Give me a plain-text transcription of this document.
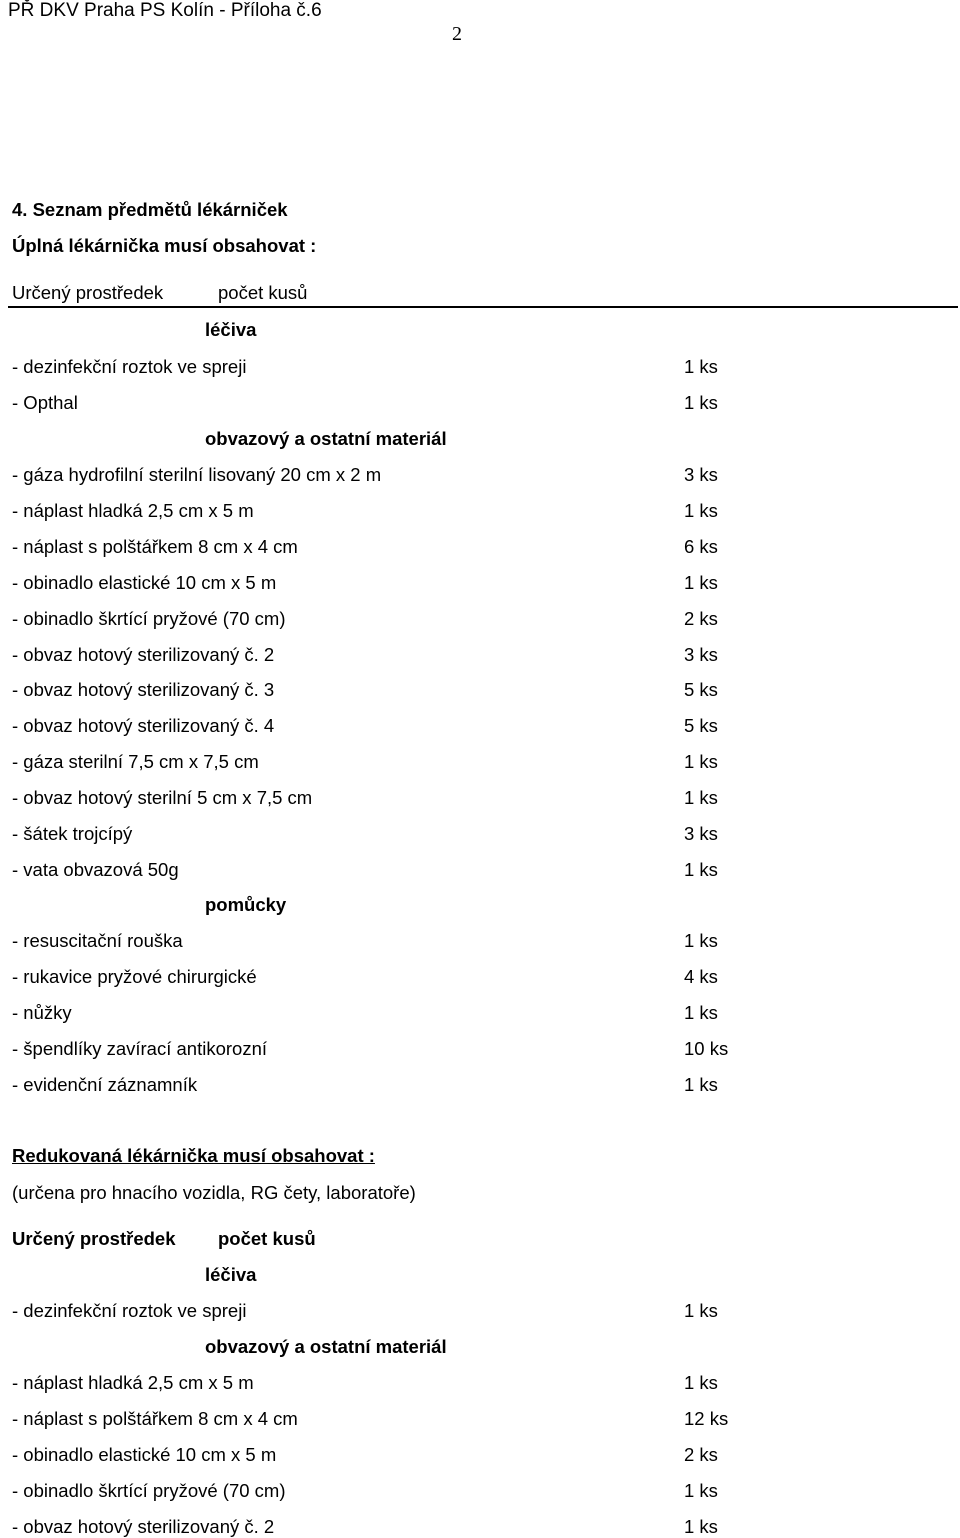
PŘ DKV Praha PS Kolín - Příloha č.6
2
4. Seznam předmětů lékárniček
Úplná lékárnička musí obsahovat :
Určený prostředek	počet kusů
léčiva
- dezinfekční roztok ve spreji	1 ks
- Opthal	1 ks
obvazový a ostatní materiál
- gáza hydrofilní sterilní lisovaný 20 cm x 2 m	3 ks
- náplast hladká 2,5 cm x 5 m	1 ks
- náplast s polštářkem 8 cm x 4 cm	6 ks
- obinadlo elastické 10 cm x 5 m	1 ks
- obinadlo škrtící pryžové (70 cm)	2 ks
- obvaz hotový sterilizovaný č. 2	3 ks
- obvaz hotový sterilizovaný č. 3	5 ks
- obvaz hotový sterilizovaný č. 4	5 ks
- gáza sterilní 7,5 cm x 7,5 cm	1 ks
- obvaz hotový sterilní 5 cm x 7,5 cm	1 ks
- šátek trojcípý	3 ks
- vata obvazová 50g	1 ks
pomůcky
- resuscitační rouška	1 ks
- rukavice pryžové chirurgické	4 ks
- nůžky	1 ks
- špendlíky zavírací antikorozní	10 ks
- evidenční záznamník	1 ks
Redukovaná lékárnička musí obsahovat :
(určena pro hnacího vozidla, RG čety, laboratoře)
Určený prostředek počet kusů
léčiva
- dezinfekční roztok ve spreji	1 ks
obvazový a ostatní materiál
- náplast hladká 2,5 cm x 5 m	1 ks
- náplast s polštářkem 8 cm x 4 cm	12 ks
- obinadlo elastické 10 cm x 5 m	2 ks
- obinadlo škrtící pryžové (70 cm)	1 ks
- obvaz hotový sterilizovaný č. 2	1 ks
